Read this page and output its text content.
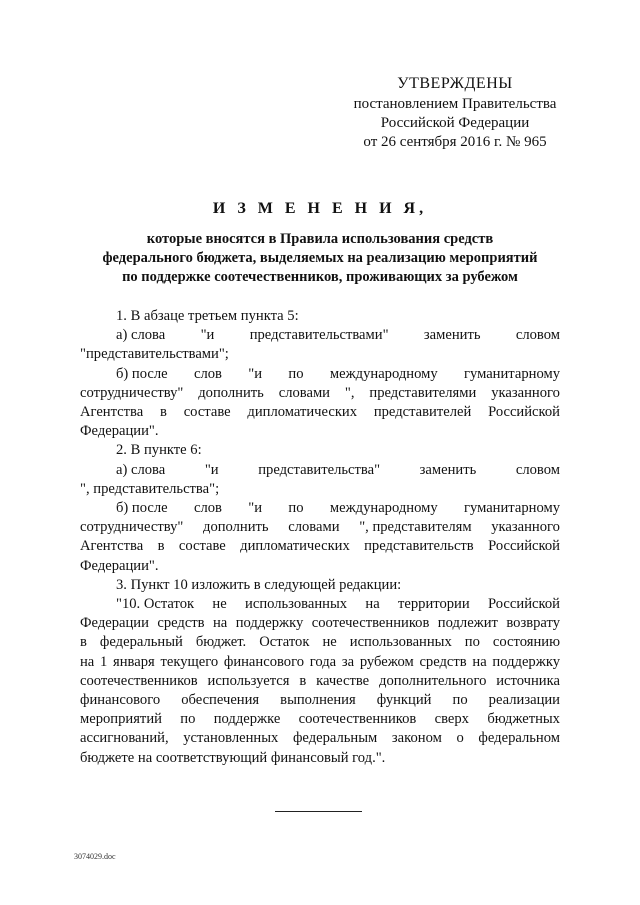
УТВЕРЖДЕНЫ
постановлением Правительства
Российской Федерации
от 26 сентября 2016 г. № 965
И З М Е Н Е Н И Я,
которые вносятся в Правила использования средств
федерального бюджета, выделяемых на реализацию мероприятий
по поддержке соотечественников, проживающих за рубежом
1. В абзаце третьем пункта 5:
а) слова "и представительствами" заменить словом
"представительствами";
б) после слов "и по международному гуманитарному
сотрудничеству" дополнить словами ", представителями указанного
Агентства в составе дипломатических представителей Российской
Федерации".
2. В пункте 6:
а) слова	"и	представительства"	заменить	словом
", представительства";
б) после слов "и по международному гуманитарному
сотрудничеству" дополнить словами ", представителям указанного
Агентства в составе дипломатических представительств Российской
Федерации".
3. Пункт 10 изложить в следующей редакции:
"10. Остаток не использованных на территории Российской
Федерации средств на поддержку соотечественников подлежит возврату
в федеральный бюджет. Остаток не использованных по состоянию
на 1 января текущего финансового года за рубежом средств на поддержку
соотечественников используется в качестве дополнительного источника
финансового обеспечения выполнения функций по реализации
мероприятий по поддержке соотечественников сверх бюджетных
ассигнований, установленных федеральным законом о федеральном
бюджете на соответствующий финансовый год.".
3074029.doc
